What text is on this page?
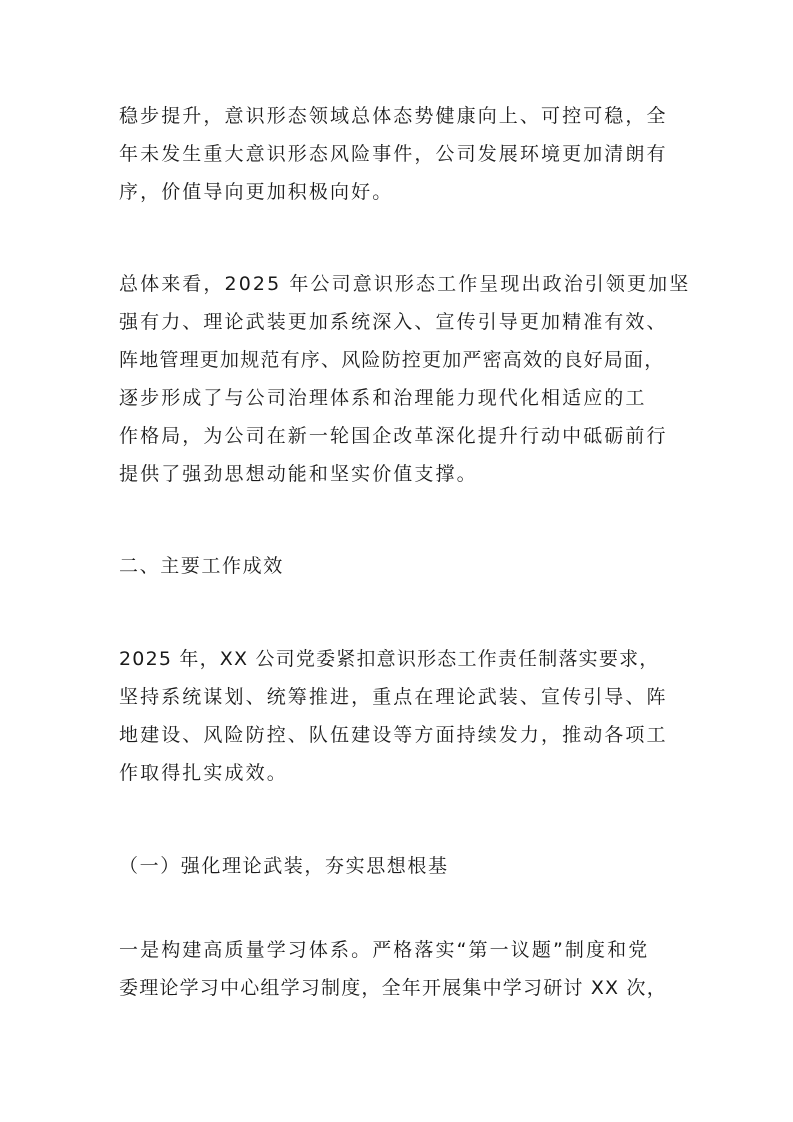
稳步提升，意识形态领域总体态势健康向上、可控可稳，全
年未发生重大意识形态风险事件，公司发展环境更加清朗有
序，价值导向更加积极向好。
总体来看，2025 年公司意识形态工作呈现出政治引领更加坚
强有力、理论武装更加系统深入、宣传引导更加精准有效、
阵地管理更加规范有序、风险防控更加严密高效的良好局面，
逐步形成了与公司治理体系和治理能力现代化相适应的工
作格局，为公司在新一轮国企改革深化提升行动中砥砺前行
提供了强劲思想动能和坚实价值支撑。
二、主要工作成效
2025 年，XX 公司党委紧扣意识形态工作责任制落实要求，
坚持系统谋划、统筹推进，重点在理论武装、宣传引导、阵
地建设、风险防控、队伍建设等方面持续发力，推动各项工
作取得扎实成效。
（一）强化理论武装，夯实思想根基
一是构建高质量学习体系。严格落实“第一议题”制度和党
委理论学习中心组学习制度，全年开展集中学习研讨 XX 次，
